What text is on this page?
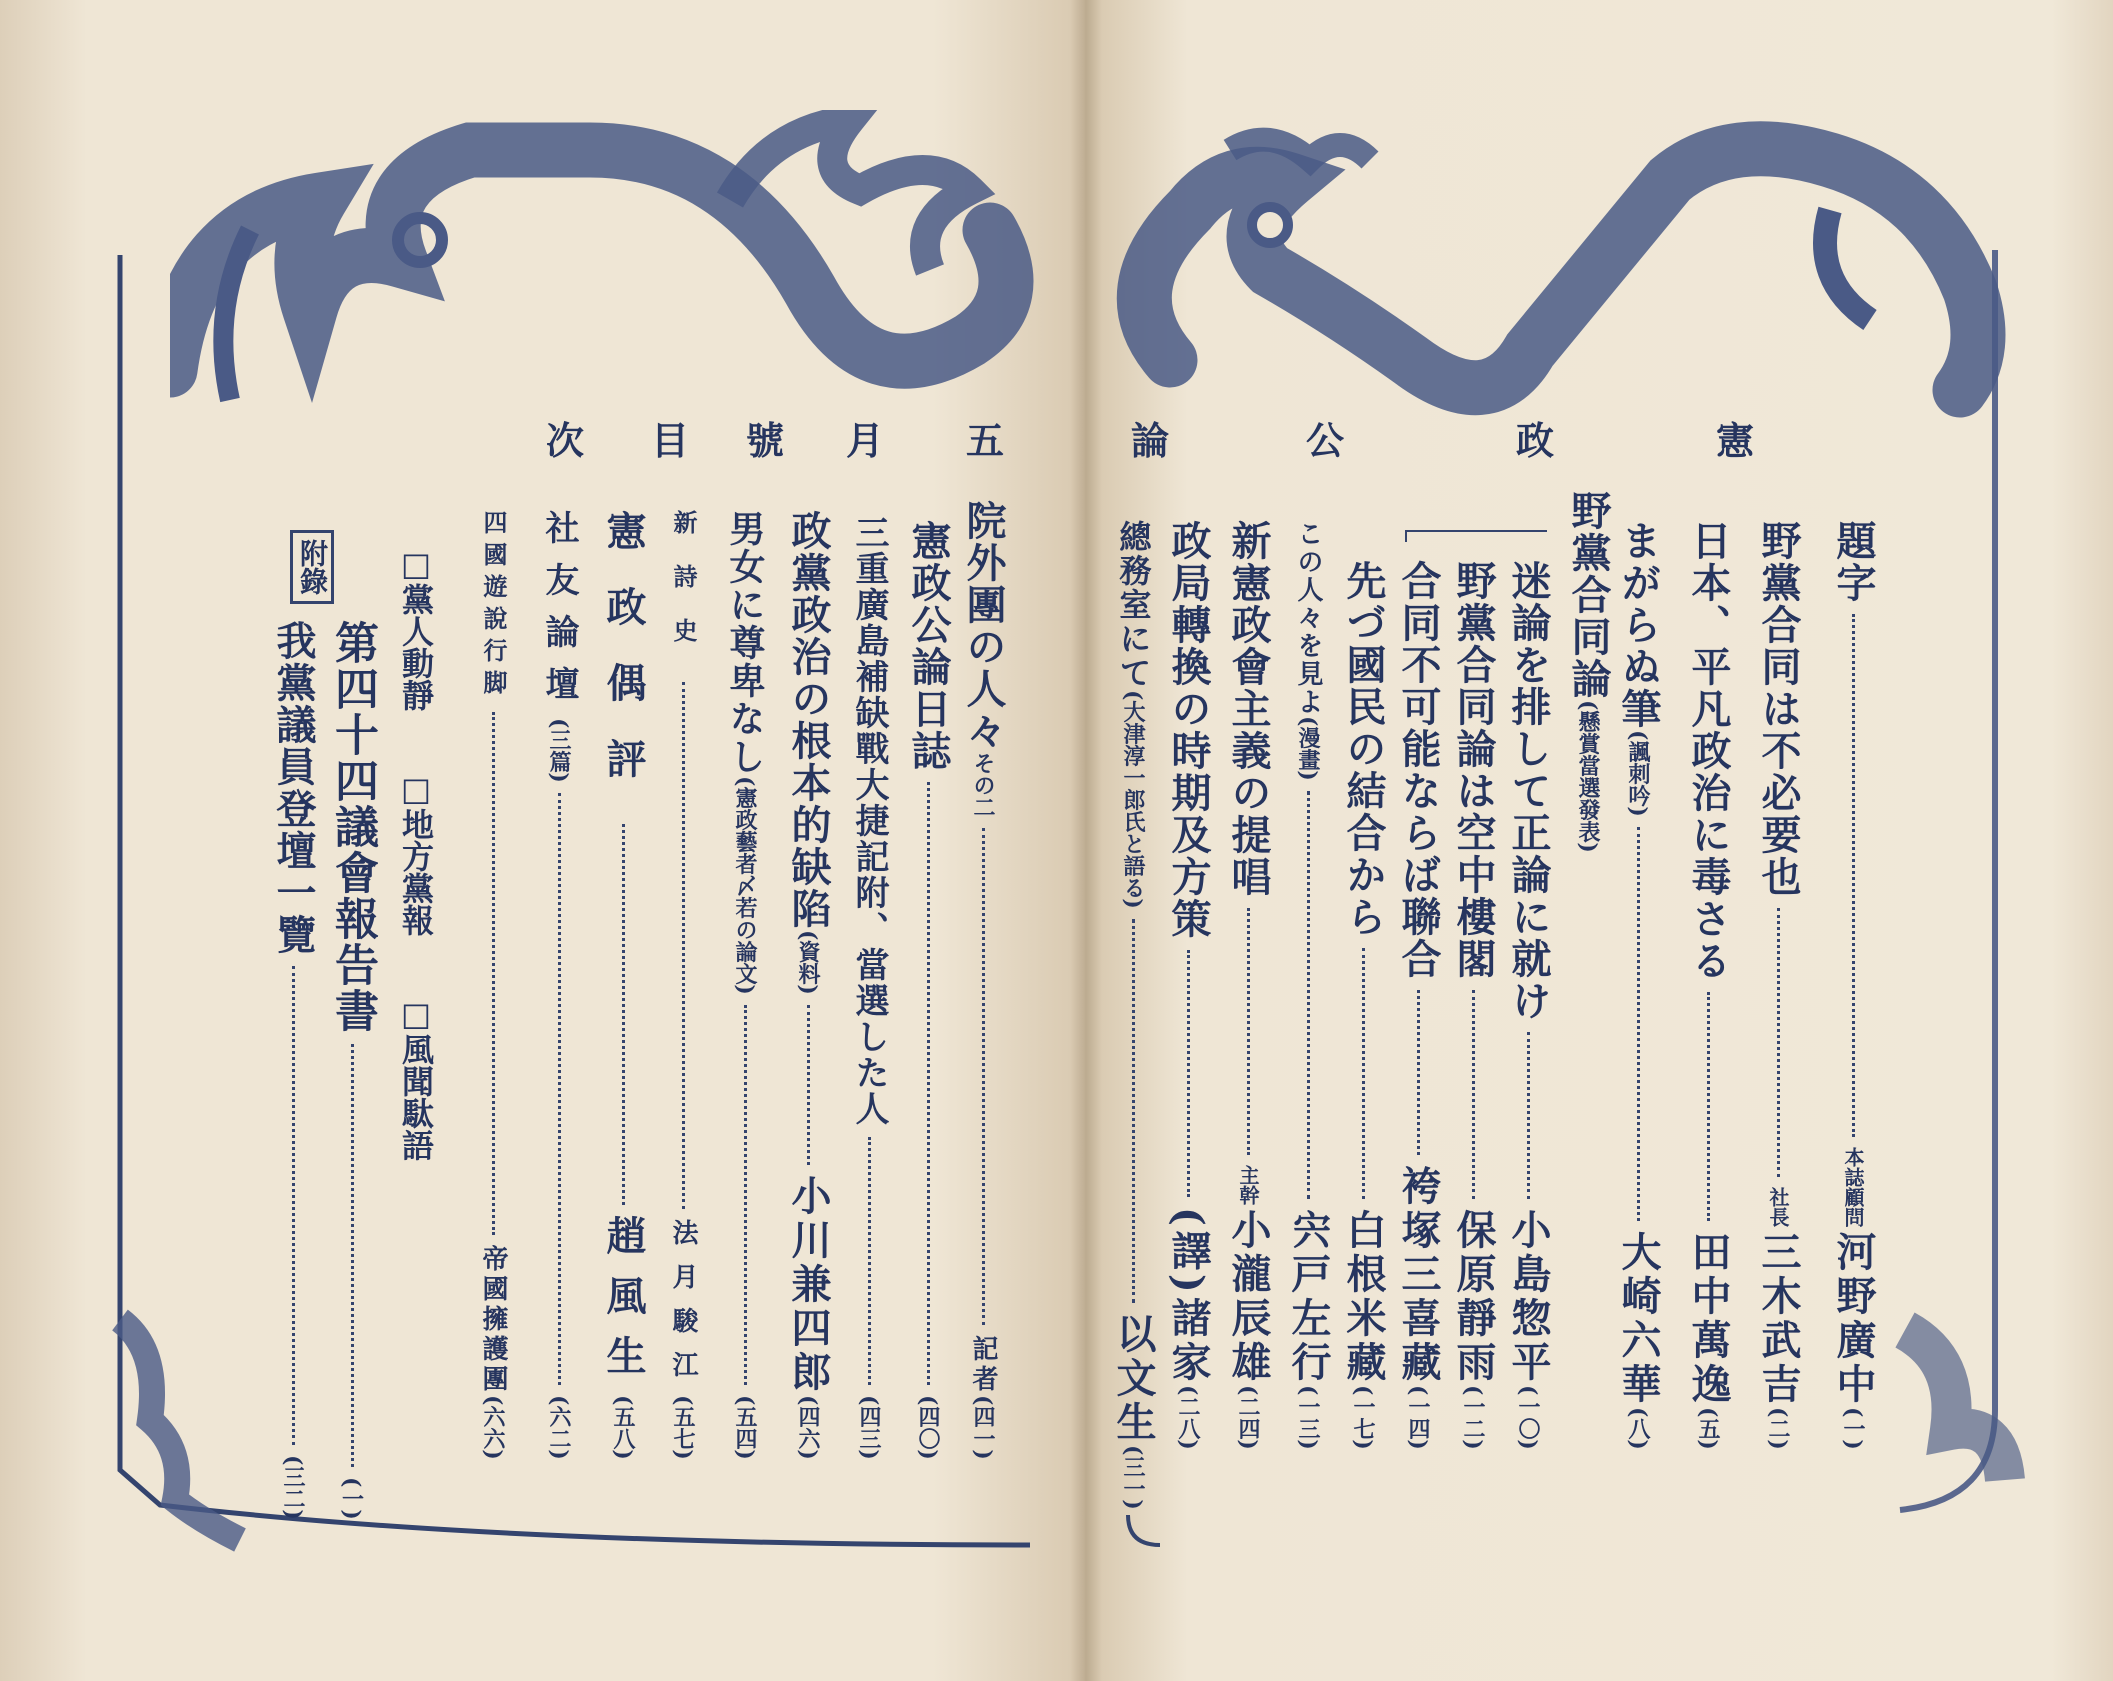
憲
政
公
論
五
月
號
目
次
題字
本誌顧問
河野廣中
(一)
野黨合同は不必要也
社長
三木武吉
(二)
日本、平凡政治に毒さる
田中萬逸
(五)
まがらぬ筆
(諷刺吟)
大崎六華
(八)
野黨合同論
(懸賞當選發表)
迷論を排して正論に就け
小島惣平
(一〇)
野黨合同論は空中樓閣
保原靜雨
(一二)
合同不可能ならば聯合
袴塚三喜藏
(一四)
先づ國民の結合から
白根米藏
(一七)
この人々を見よ
(漫畫)
宍戸左行
(一三)
新憲政會主義の提唱
主幹
小瀧辰雄
(二四)
政局轉換の時期及方策
(譯)諸家
(二八)
總務室にて
(大津淳一郎氏と語る)
以文生
(三一)
院外團の人々
その二
記者
(四一)
憲政公論日誌
(四〇)
三重廣島補缺戰大捷記附、當選した人
(四三)
政黨政治の根本的缺陷
(資料)
小川兼四郎
(四六)
男女に尊卑なし
(憲政藝者〆若の論文)
(五四)
新詩史
法月駿江
(五七)
憲政偶評
趙風生
(五八)
社友論壇
(三篇)
(六二)
四國遊說行脚
帝國擁護團
(六六)
□黨人動靜
□地方黨報
□風聞駄語
附錄
第四十四議會報告書
(一)
我黨議員登壇一覽
(三二)
